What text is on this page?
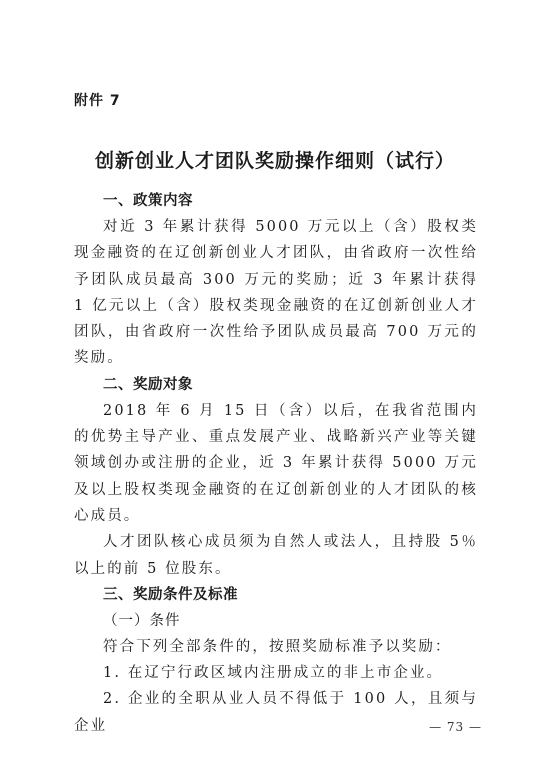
附件 7
创新创业人才团队奖励操作细则（试行）
一、政策内容

对近 3 年累计获得 5000 万元以上（含）股权类现金融资的在辽创新创业人才团队，由省政府一次性给予团队成员最高 300 万元的奖励；近 3 年累计获得 1 亿元以上（含）股权类现金融资的在辽创新创业人才团队，由省政府一次性给予团队成员最高 700 万元的奖励。

二、奖励对象

2018 年 6 月 15 日（含）以后，在我省范围内的优势主导产业、重点发展产业、战略新兴产业等关键领域创办或注册的企业，近 3 年累计获得 5000 万元及以上股权类现金融资的在辽创新创业的人才团队的核心成员。

人才团队核心成员须为自然人或法人，且持股 5％以上的前 5 位股东。

三、奖励条件及标准
（一）条件

符合下列全部条件的，按照奖励标准予以奖励：

1. 在辽宁行政区域内注册成立的非上市企业。

2. 企业的全职从业人员不得低于 100 人，且须与企业	— 73 —
